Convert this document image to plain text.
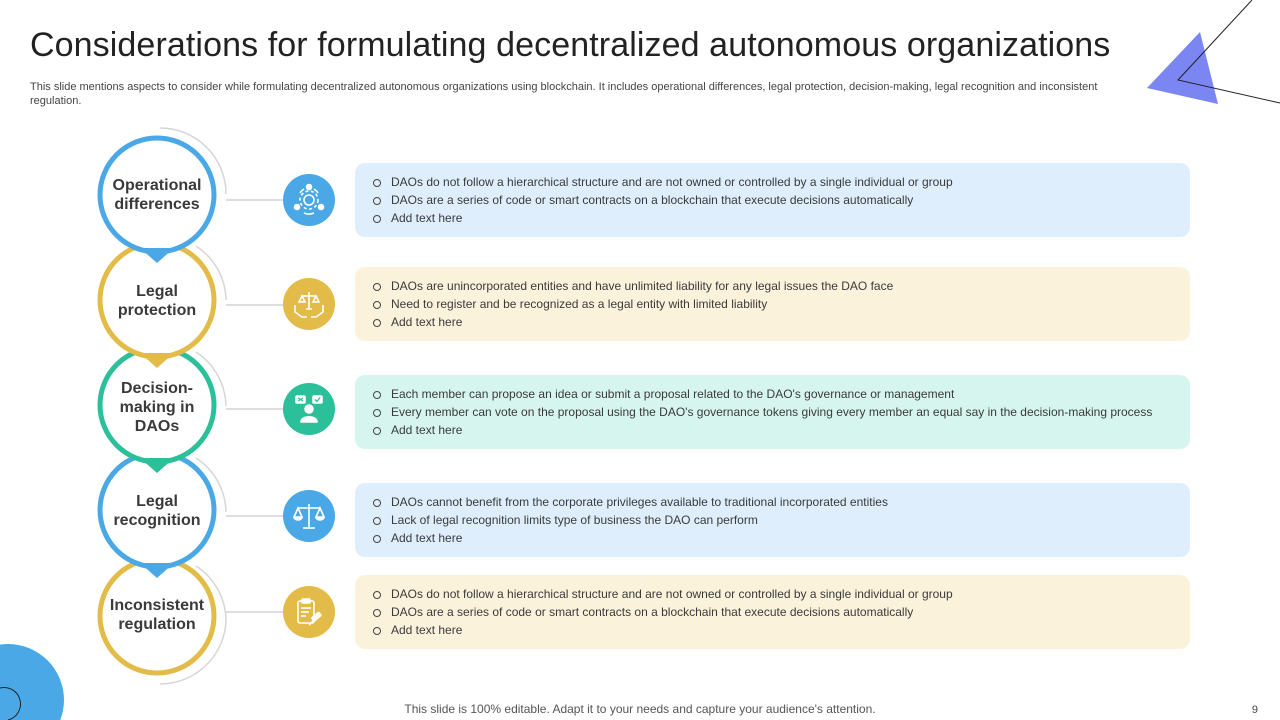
Considerations for formulating decentralized autonomous organizations
This slide mentions aspects to consider while formulating decentralized autonomous organizations using blockchain. It includes operational differences, legal protection, decision-making, legal recognition and inconsistent regulation.
Operational differences
Legal protection
Decision-making in DAOs
Legal recognition
Inconsistent regulation
DAOs do not follow a hierarchical structure and are not owned or controlled by a single individual or group
DAOs are a series of code or smart contracts on a blockchain that execute decisions automatically
Add text here
DAOs are unincorporated entities and have unlimited liability for any legal issues the DAO face
Need to register and be recognized as a legal entity with limited liability
Add text here
Each member can propose an idea or submit a proposal related to the DAO's governance or management
Every member can vote on the proposal using the DAO's governance tokens giving every member an equal say in the decision-making process
Add text here
DAOs cannot benefit from the corporate privileges available to traditional incorporated entities
Lack of legal recognition limits type of business the DAO can perform
Add text here
DAOs do not follow a hierarchical structure and are not owned or controlled by a single individual or group
DAOs are a series of code or smart contracts on a blockchain that execute decisions automatically
Add text here
This slide is 100% editable. Adapt it to your needs and capture your audience's attention.	9
